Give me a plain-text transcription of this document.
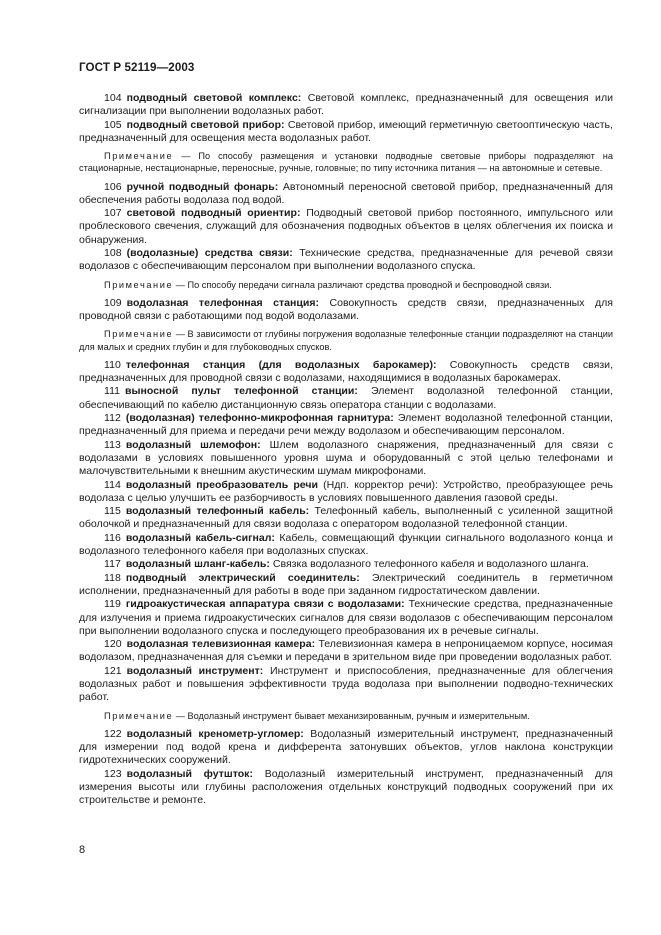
ГОСТ Р 52119—2003

104 подводный световой комплекс: Световой комплекс, предназначенный для освещения или сигнализации при выполнении водолазных работ.

105 подводный световой прибор: Световой прибор, имеющий герметичную светооптическую часть, предназначенный для освещения места водолазных работ.

Примечание — По способу размещения и установки подводные световые приборы подразделяют на стационарные, нестационарные, переносные, ручные, головные; по типу источника питания — на автономные и сетевые.

106 ручной подводный фонарь: Автономный переносной световой прибор, предназначенный для обеспечения работы водолаза под водой.

107 световой подводный ориентир: Подводный световой прибор постоянного, импульсного или проблескового свечения, служащий для обозначения подводных объектов в целях облегчения их поиска и обнаружения.

108 (водолазные) средства связи: Технические средства, предназначенные для речевой связи водолазов с обеспечивающим персоналом при выполнении водолазного спуска.

Примечание — По способу передачи сигнала различают средства проводной и беспроводной связи.

109 водолазная телефонная станция: Совокупность средств связи, предназначенных для проводной связи с работающими под водой водолазами.

Примечание — В зависимости от глубины погружения водолазные телефонные станции подразделяют на станции для малых и средних глубин и для глубоководных спусков.

110 телефонная станция (для водолазных барокамер): Совокупность средств связи, предназначенных для проводной связи с водолазами, находящимися в водолазных барокамерах.

111 выносной пульт телефонной станции: Элемент водолазной телефонной станции, обеспечивающий по кабелю дистанционную связь оператора станции с водолазами.

112 (водолазная) телефонно-микрофонная гарнитура: Элемент водолазной телефонной станции, предназначенный для приема и передачи речи между водолазом и обеспечивающим персоналом.

113 водолазный шлемофон: Шлем водолазного снаряжения, предназначенный для связи с водолазами в условиях повышенного уровня шума и оборудованный с этой целью телефонами и малочувствительными к внешним акустическим шумам микрофонами.

114 водолазный преобразователь речи (Ндп. корректор речи): Устройство, преобразующее речь водолаза с целью улучшить ее разборчивость в условиях повышенного давления газовой среды.

115 водолазный телефонный кабель: Телефонный кабель, выполненный с усиленной защитной оболочкой и предназначенный для связи водолаза с оператором водолазной телефонной станции.

116 водолазный кабель-сигнал: Кабель, совмещающий функции сигнального водолазного конца и водолазного телефонного кабеля при водолазных спусках.

117 водолазный шланг-кабель: Связка водолазного телефонного кабеля и водолазного шланга.

118 подводный электрический соединитель: Электрический соединитель в герметичном исполнении, предназначенный для работы в воде при заданном гидростатическом давлении.

119 гидроакустическая аппаратура связи с водолазами: Технические средства, предназначенные для излучения и приема гидроакустических сигналов для связи водолазов с обеспечивающим персоналом при выполнении водолазного спуска и последующего преобразования их в речевые сигналы.

120 водолазная телевизионная камера: Телевизионная камера в непроницаемом корпусе, носимая водолазом, предназначенная для съемки и передачи в зрительном виде при проведении водолазных работ.

121 водолазный инструмент: Инструмент и приспособления, предназначенные для облегчения водолазных работ и повышения эффективности труда водолаза при выполнении подводно-технических работ.

Примечание — Водолазный инструмент бывает механизированным, ручным и измерительным.

122 водолазный кренометр-угломер: Водолазный измерительный инструмент, предназначенный для измерении под водой крена и дифферента затонувших объектов, углов наклона конструкции гидротехнических сооружений.

123 водолазный футшток: Водолазный измерительный инструмент, предназначенный для измерения высоты или глубины расположения отдельных конструкций подводных сооружений при их строительстве и ремонте.

8
